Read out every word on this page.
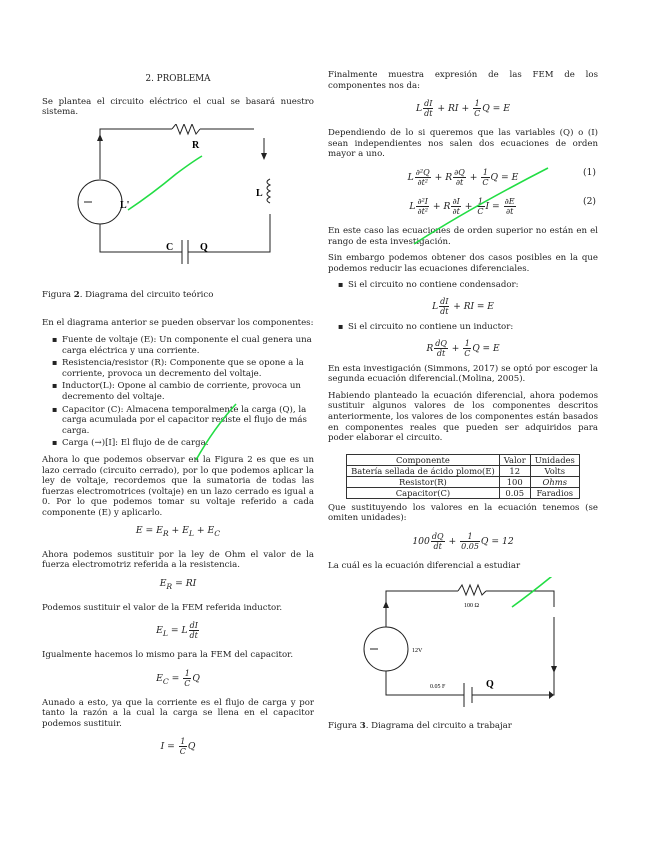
2. PROBLEMA

Se plantea el circuito eléctrico el cual se basará nuestro sistema.

R
L
L'
C	Q

Figura 2. Diagrama del circuito teórico

En el diagrama anterior se pueden observar los componentes:

▪ Fuente de voltaje (E): Un componente el cual genera una carga eléctrica y una corriente.
▪ Resistencia/resistor (R): Componente que se opone a la corriente, provoca un decremento del voltaje.
▪ Inductor(L): Opone al cambio de corriente, provoca un decremento del voltaje.
▪ Capacitor (C): Almacena temporalmente la carga (Q), la carga acumulada por el capacitor resiste el flujo de más carga.
▪ Carga (→)[I]: El flujo de de carga.

Ahora lo que podemos observar en la Figura 2 es que es un lazo cerrado (circuito cerrado), por lo que podemos aplicar la ley de voltaje, recordemos que la sumatoria de todas las fuerzas electromotrices (voltaje) en un lazo cerrado es igual a 0. Por lo que podemos tomar su voltaje referido a cada componente (E) y aplicarlo.

$E = E_R + E_L + E_C$

Ahora podemos sustituir por la ley de Ohm el valor de la fuerza electromotriz referida a la resistencia.

$E_R$ = RI

Podemos sustituir el valor de la FEM referida inductor.

$E_L = L \frac{dI}{dt}$

Igualmente hacemos lo mismo para la FEM del capacitor.

$E_C = \frac{1}{C}$ Q

Aunado a esto, ya que la corriente es el flujo de carga y por tanto la razón a la cual la carga se llena en el capacitor podemos sustituir.

$I = \frac{1}{C}$ Q

Finalmente muestra expresión de las FEM de los componentes nos da:

L $\frac{dI}{dt}$ + RI + $\frac{1}{C}$ Q = E

Dependiendo de lo si queremos que las variables (Q) o (I) sean independientes nos salen dos ecuaciones de orden mayor a uno.

L $\frac{\text{∂²Q}}{\text{∂t²}} + R \frac{\partial Q}{\partial t} + \frac{1}{C}$ Q = E	(1)
L $\frac{\text{∂²I}}{\text{∂t²}} + R \frac{\partial I}{\partial t} + \frac{1}{C}$ $I = \frac{\partial E}{\partial t}$	(2)

En este caso las ecuaciones de orden superior no están en el rango de esta investigación.

Sin embargo podemos obtener dos casos posibles en la que podemos reducir las ecuaciones diferenciales.

▪ Si el circuito no contiene condensador:
L $\frac{dI}{dt}$ + RI = E
▪ Si el circuito no contiene un inductor:
R $\frac{dQ}{dt} + \frac{1}{C}$ Q = E

En esta investigación (Simmons, 2017) se optó por escoger la segunda ecuación diferencial.(Molina, 2005).

Habiendo planteado la ecuación diferencial, ahora podemos sustituir algunos valores de los componentes descritos anteriormente, los valores de los componentes están basados en componentes reales que pueden ser adquiridos para poder elaborar el circuito.

Componente	Valor	Unidades
Batería sellada de ácido plomo(E)	12	Volts
Resistor(R)	100	Ohms
Capacitor(C)	0.05	Faradios

Que sustituyendo los valores en la ecuación tenemos (se omiten unidades):

$100 \frac{dQ}{dt} + \frac{1}{0.05}$ Q = 12

La cuál es la ecuación diferencial a estudiar

100 Ω
12V
0.05 F	Q

Figura 3. Diagrama del circuito a trabajar
